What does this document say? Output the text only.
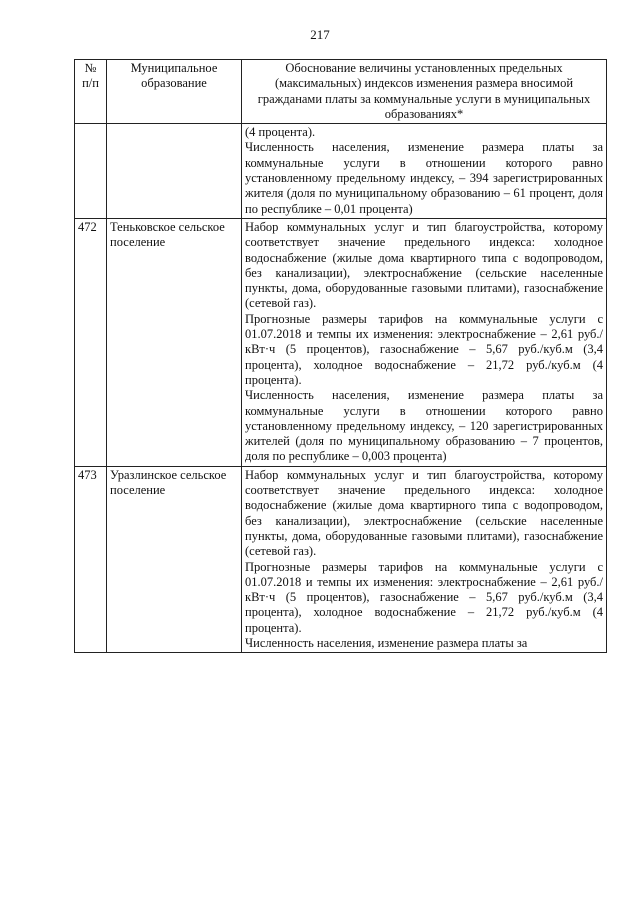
217
№ п/п	Муниципальное образование	Обоснование величины установленных предельных (максимальных) индексов изменения размера вносимой гражданами платы за коммунальные услуги в муниципальных образованиях*

		(4 процента).
Численность населения, изменение размера платы за коммунальные услуги в отношении которого равно установленному предельному индексу, – 394 зарегистрированных жителя (доля по муниципальному образованию – 61 процент, доля по республике – 0,01 процента)

472	Теньковское сельское поселение	Набор коммунальных услуг и тип благоустройства, которому соответствует значение предельного индекса: холодное водоснабжение (жилые дома квартирного типа с водопроводом, без канализации), электроснабжение (сельские населенные пункты, дома, оборудованные газовыми плитами), газоснабжение (сетевой газ).
Прогнозные размеры тарифов на коммунальные услуги с 01.07.2018 и темпы их изменения: электроснабжение – 2,61 руб./кВт·ч (5 процентов), газоснабжение – 5,67 руб./куб.м (3,4 процента), холодное водоснабжение – 21,72 руб./куб.м (4 процента).
Численность населения, изменение размера платы за коммунальные услуги в отношении которого равно установленному предельному индексу, – 120 зарегистрированных жителей (доля по муниципальному образованию – 7 процентов, доля по республике – 0,003 процента)

473	Уразлинское сельское поселение	Набор коммунальных услуг и тип благоустройства, которому соответствует значение предельного индекса: холодное водоснабжение (жилые дома квартирного типа с водопроводом, без канализации), электроснабжение (сельские населенные пункты, дома, оборудованные газовыми плитами), газоснабжение (сетевой газ).
Прогнозные размеры тарифов на коммунальные услуги с 01.07.2018 и темпы их изменения: электроснабжение – 2,61 руб./кВт·ч (5 процентов), газоснабжение – 5,67 руб./куб.м (3,4 процента), холодное водоснабжение – 21,72 руб./куб.м (4 процента).
Численность населения, изменение размера платы за
